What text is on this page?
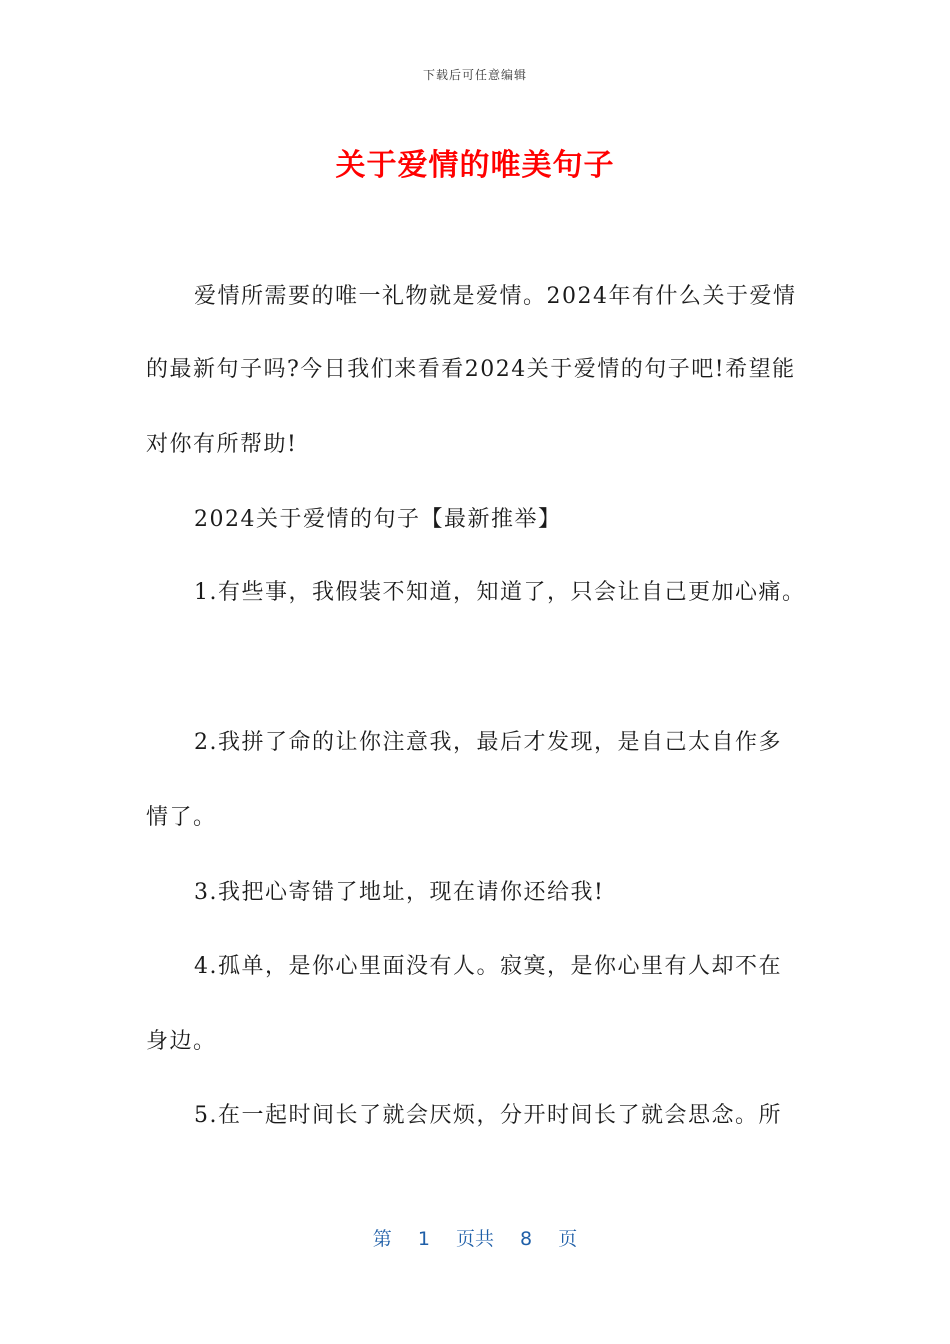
下载后可任意编辑
关于爱情的唯美句子
爱情所需要的唯一礼物就是爱情。2024年有什么关于爱情
的最新句子吗?今日我们来看看2024关于爱情的句子吧!希望能
对你有所帮助!
2024关于爱情的句子【最新推举】
1.有些事，我假装不知道，知道了，只会让自己更加心痛。
2.我拼了命的让你注意我，最后才发现，是自己太自作多
情了。
3.我把心寄错了地址，现在请你还给我!
4.孤单，是你心里面没有人。寂寞，是你心里有人却不在
身边。
5.在一起时间长了就会厌烦，分开时间长了就会思念。所
第 1 页共 8 页
